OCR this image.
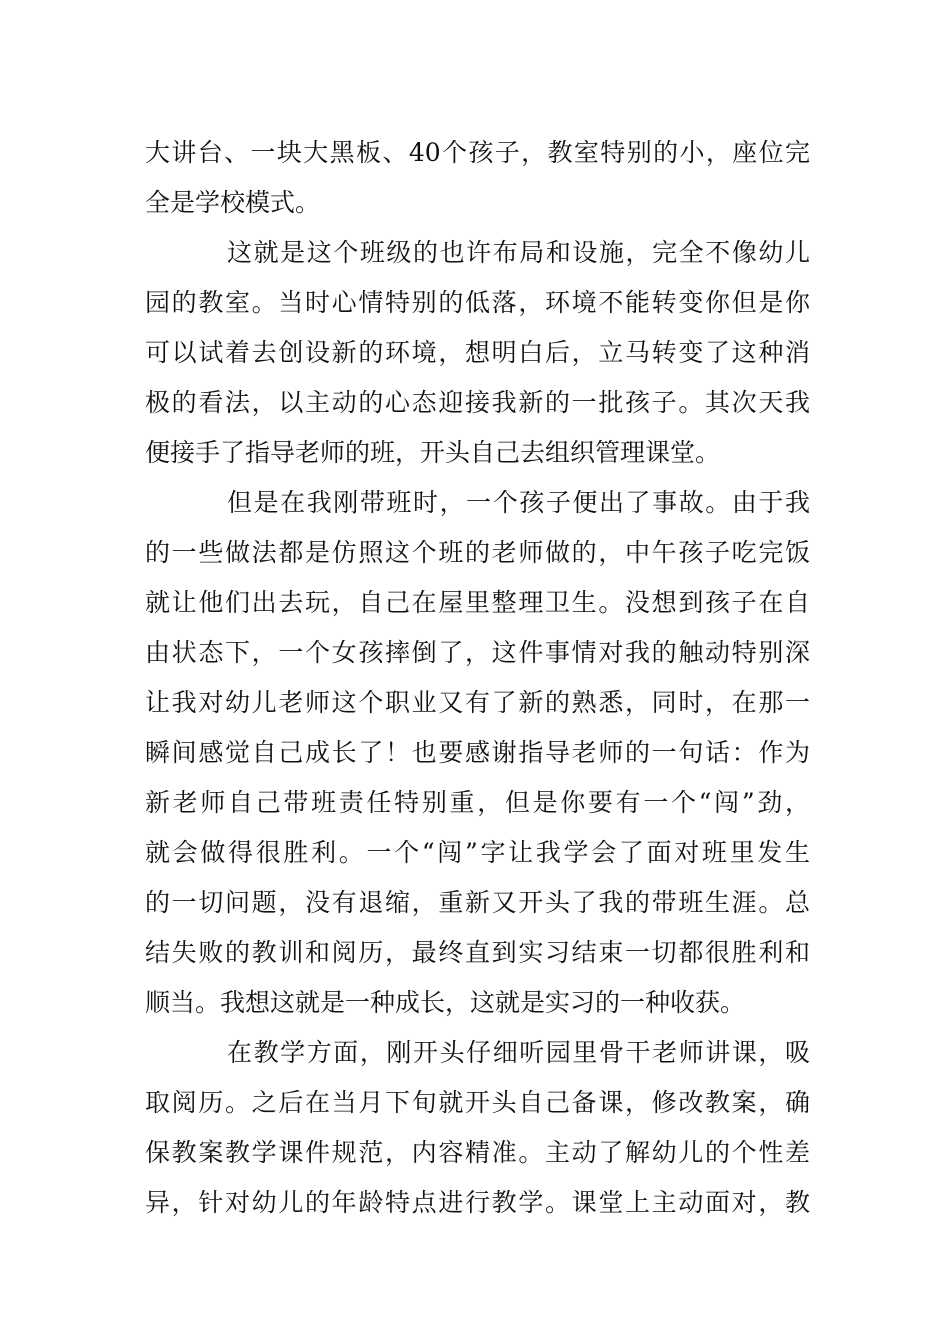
大讲台、一块大黑板、40个孩子，教室特别的小，座位完
全是学校模式。
这就是这个班级的也许布局和设施，完全不像幼儿
园的教室。当时心情特别的低落，环境不能转变你但是你
可以试着去创设新的环境，想明白后，立马转变了这种消
极的看法，以主动的心态迎接我新的一批孩子。其次天我
便接手了指导老师的班，开头自己去组织管理课堂。
但是在我刚带班时，一个孩子便出了事故。由于我
的一些做法都是仿照这个班的老师做的，中午孩子吃完饭
就让他们出去玩，自己在屋里整理卫生。没想到孩子在自
由状态下，一个女孩摔倒了，这件事情对我的触动特别深
让我对幼儿老师这个职业又有了新的熟悉，同时，在那一
瞬间感觉自己成长了！也要感谢指导老师的一句话：作为
新老师自己带班责任特别重，但是你要有一个“闯”劲，
就会做得很胜利。一个“闯”字让我学会了面对班里发生
的一切问题，没有退缩，重新又开头了我的带班生涯。总
结失败的教训和阅历，最终直到实习结束一切都很胜利和
顺当。我想这就是一种成长，这就是实习的一种收获。
在教学方面，刚开头仔细听园里骨干老师讲课，吸
取阅历。之后在当月下旬就开头自己备课，修改教案，确
保教案教学课件规范，内容精准。主动了解幼儿的个性差
异，针对幼儿的年龄特点进行教学。课堂上主动面对，教
